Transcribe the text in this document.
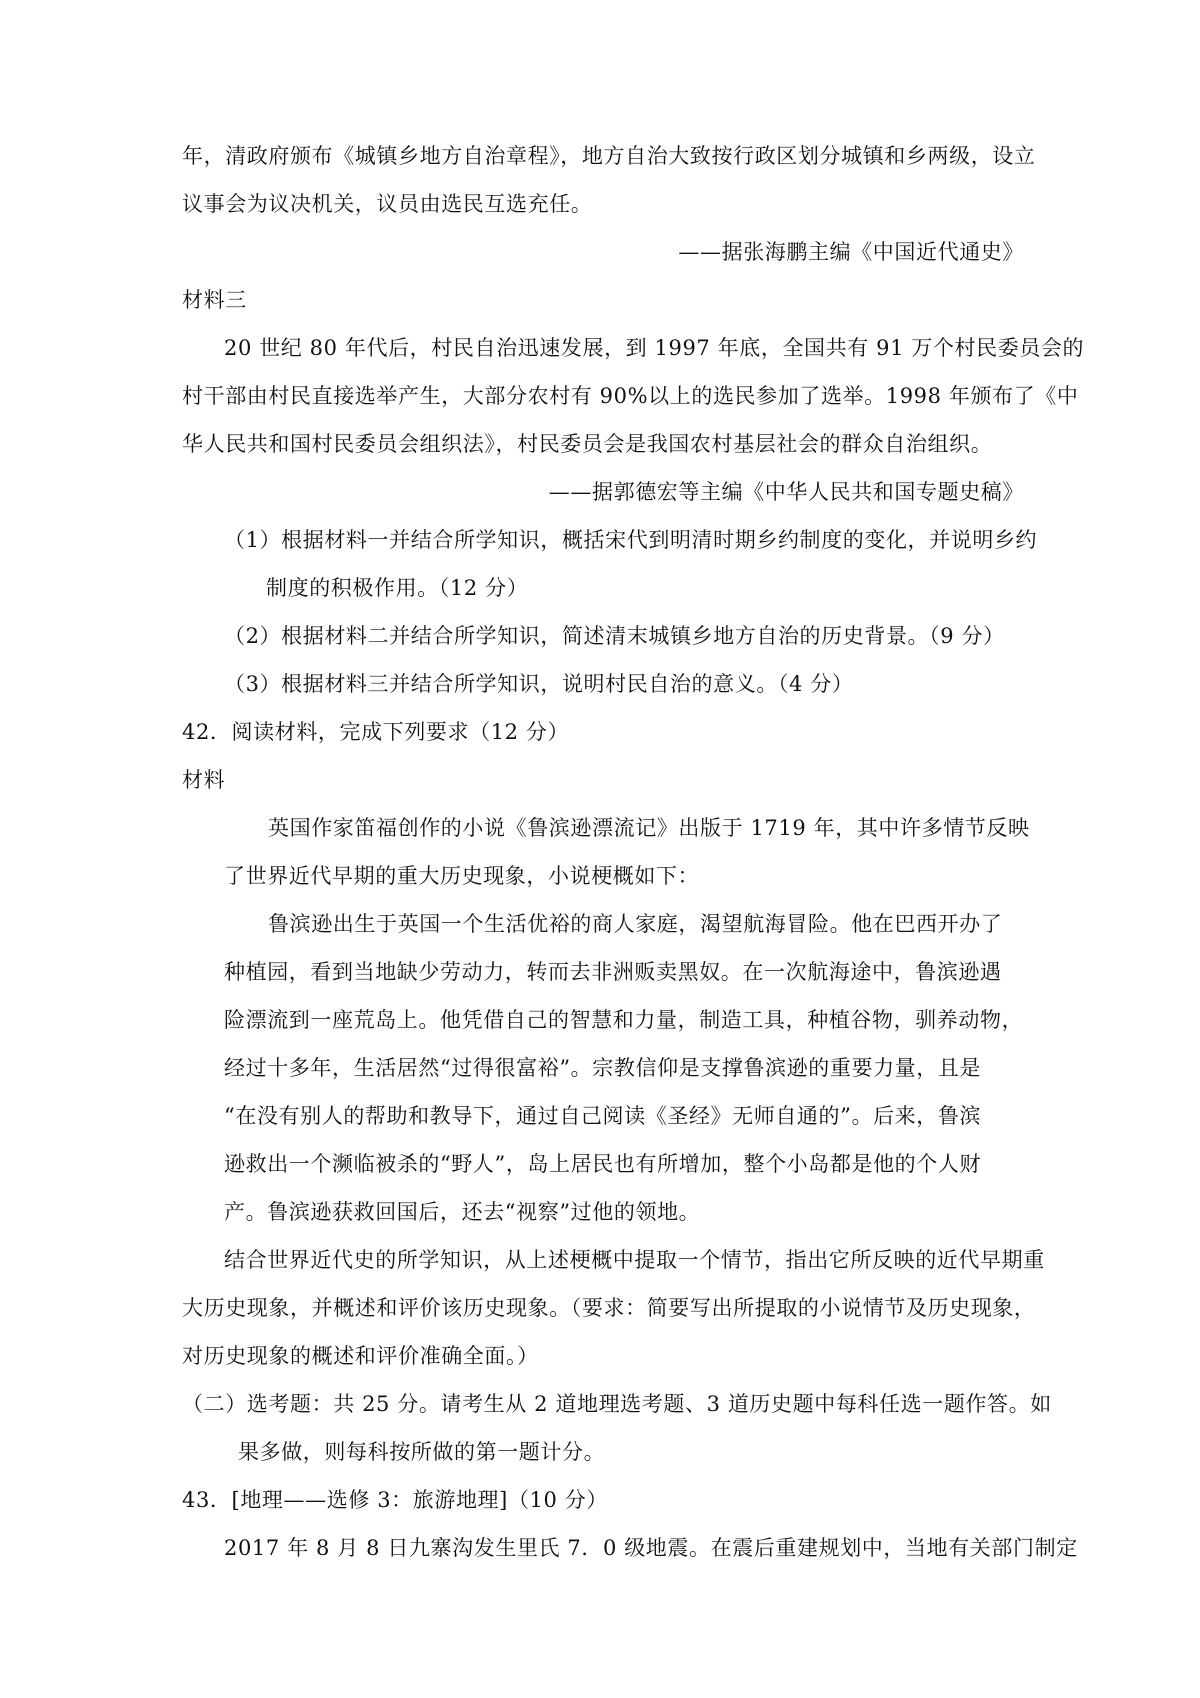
年，清政府颁布《城镇乡地方自治章程》，地方自治大致按行政区划分城镇和乡两级，设立
议事会为议决机关，议员由选民互选充任。
——据张海鹏主编《中国近代通史》
材料三
20 世纪 80 年代后，村民自治迅速发展，到 1997 年底，全国共有 91 万个村民委员会的
村干部由村民直接选举产生，大部分农村有 90%以上的选民参加了选举。1998 年颁布了《中
华人民共和国村民委员会组织法》，村民委员会是我国农村基层社会的群众自治组织。
——据郭德宏等主编《中华人民共和国专题史稿》
（1）根据材料一并结合所学知识，概括宋代到明清时期乡约制度的变化，并说明乡约
制度的积极作用。（12 分）
（2）根据材料二并结合所学知识，简述清末城镇乡地方自治的历史背景。（9 分）
（3）根据材料三并结合所学知识，说明村民自治的意义。（4 分）
42．阅读材料，完成下列要求（12 分）
材料
英国作家笛福创作的小说《鲁滨逊漂流记》出版于 1719 年，其中许多情节反映
了世界近代早期的重大历史现象，小说梗概如下：
鲁滨逊出生于英国一个生活优裕的商人家庭，渴望航海冒险。他在巴西开办了
种植园，看到当地缺少劳动力，转而去非洲贩卖黑奴。在一次航海途中，鲁滨逊遇
险漂流到一座荒岛上。他凭借自己的智慧和力量，制造工具，种植谷物，驯养动物，
经过十多年，生活居然“过得很富裕”。宗教信仰是支撑鲁滨逊的重要力量，且是
“在没有别人的帮助和教导下，通过自己阅读《圣经》无师自通的”。后来，鲁滨
逊救出一个濒临被杀的“野人”，岛上居民也有所增加，整个小岛都是他的个人财
产。鲁滨逊获救回国后，还去“视察”过他的领地。
结合世界近代史的所学知识，从上述梗概中提取一个情节，指出它所反映的近代早期重
大历史现象，并概述和评价该历史现象。（要求：简要写出所提取的小说情节及历史现象，
对历史现象的概述和评价准确全面。）
（二）选考题：共 25 分。请考生从 2 道地理选考题、3 道历史题中每科任选一题作答。如
果多做，则每科按所做的第一题计分。
43．[地理——选修 3：旅游地理]（10 分）
2017 年 8 月 8 日九寨沟发生里氏 7．0 级地震。在震后重建规划中，当地有关部门制定
